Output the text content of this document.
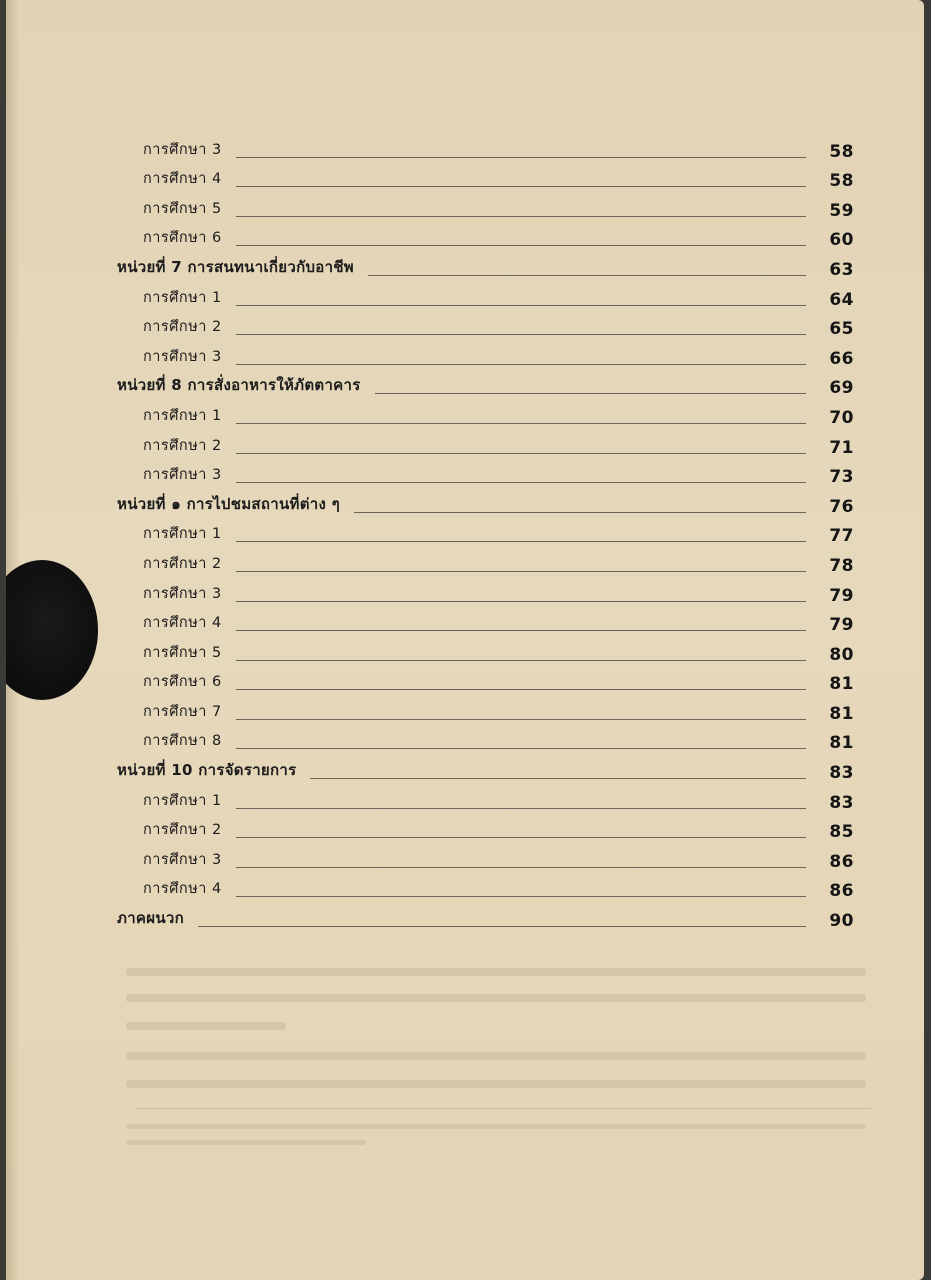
การศึกษา 3	58
การศึกษา 4	58
การศึกษา 5	59
การศึกษา 6	60
หน่วยที่ 7 การสนทนาเกี่ยวกับอาชีพ	63
การศึกษา 1	64
การศึกษา 2	65
การศึกษา 3	66
หน่วยที่ 8 การสั่งอาหารให้ภัตตาคาร	69
การศึกษา 1	70
การศึกษา 2	71
การศึกษา 3	73
หน่วยที่ ๑ การไปชมสถานที่ต่าง ๆ	76
การศึกษา 1	77
การศึกษา 2	78
การศึกษา 3	79
การศึกษา 4	79
การศึกษา 5	80
การศึกษา 6	81
การศึกษา 7	81
การศึกษา 8	81
หน่วยที่ 10 การจัดรายการ	83
การศึกษา 1	83
การศึกษา 2	85
การศึกษา 3	86
การศึกษา 4	86
ภาคผนวก	90
